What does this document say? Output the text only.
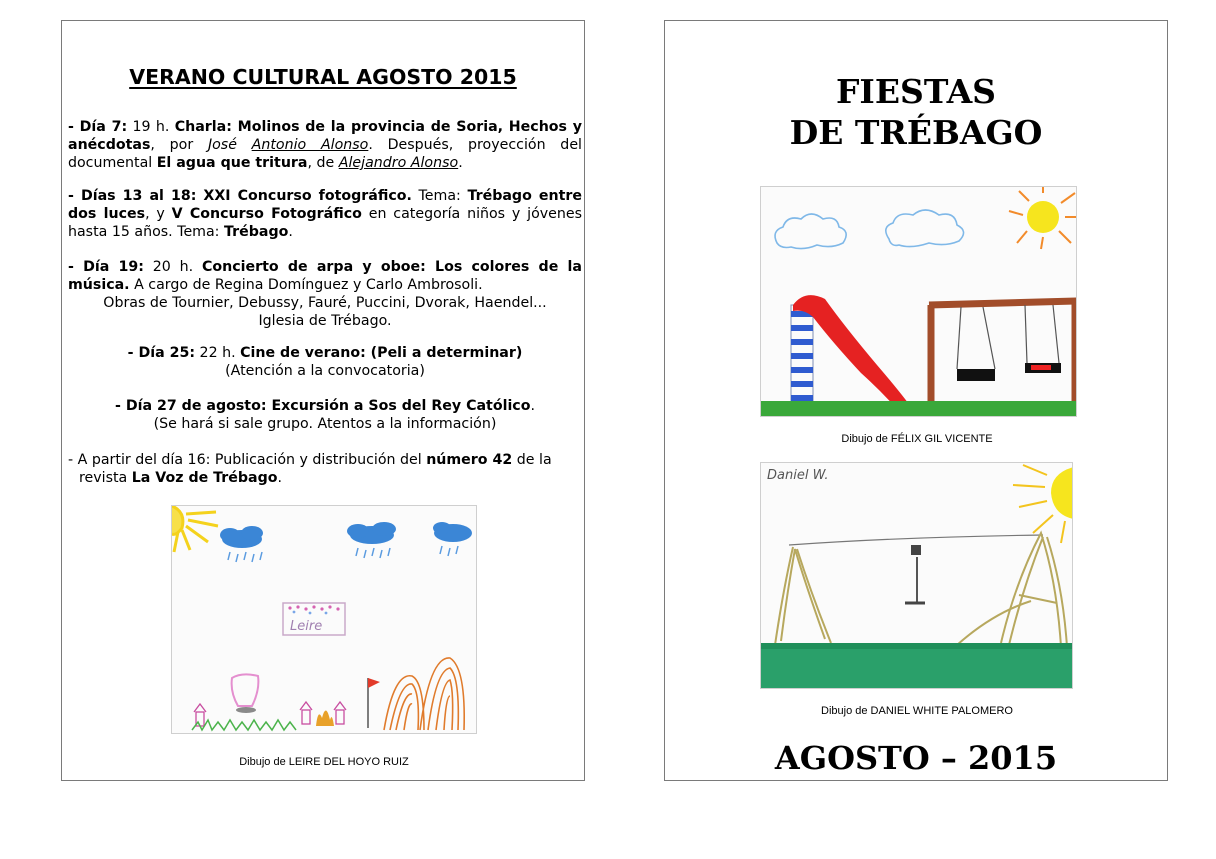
VERANO CULTURAL AGOSTO 2015

- Día 7: 19 h. Charla: Molinos de la provincia de Soria, Hechos y anécdotas, por José Antonio Alonso. Después, proyección del documental El agua que tritura, de Alejandro Alonso.

- Días 13 al 18: XXI Concurso fotográfico. Tema: Trébago entre dos luces, y V Concurso Fotográfico en categoría niños y jóvenes hasta 15 años. Tema: Trébago.

- Día 19: 20 h. Concierto de arpa y oboe: Los colores de la música. A cargo de Regina Domínguez y Carlo Ambrosoli.

Obras de Tournier, Debussy, Fauré, Puccini, Dvorak, Haendel...

Iglesia de Trébago.

- Día 25: 22 h. Cine de verano: (Peli a determinar)

(Atención a la convocatoria)

- Día 27 de agosto: Excursión a Sos del Rey Católico.

(Se hará si sale grupo. Atentos a la información)

- A partir del día 16: Publicación y distribución del número 42 de la

revista La Voz de Trébago.

Leire
Dibujo de LEIRE DEL HOYO RUIZ
FIESTAS
DE TRÉBAGO
Dibujo de FÉLIX GIL VICENTE
Daniel W.
Dibujo de DANIEL WHITE PALOMERO
AGOSTO – 2015
